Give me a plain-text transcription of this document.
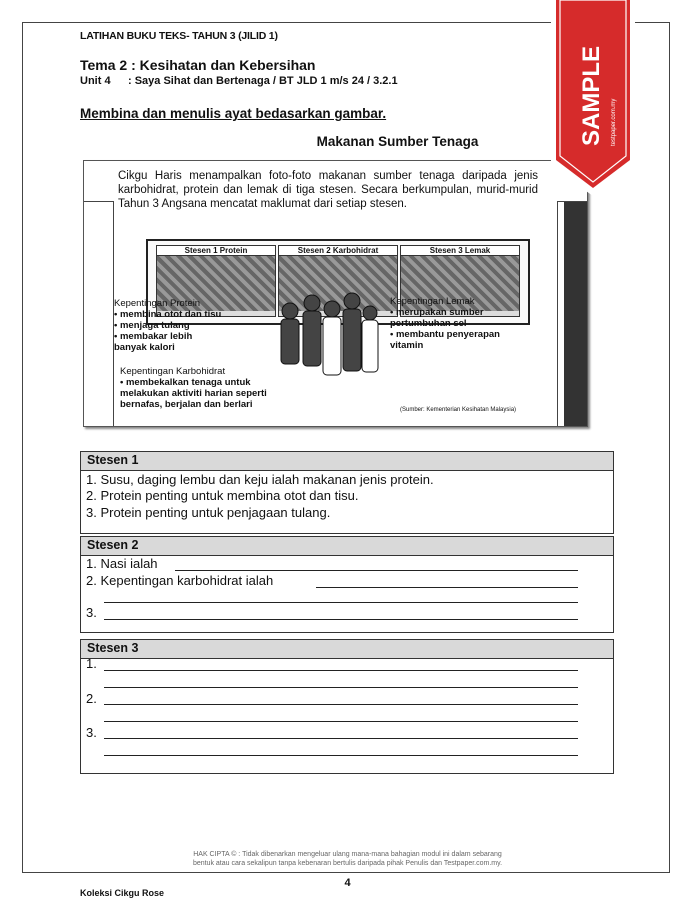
LATIHAN BUKU TEKS- TAHUN 3 (JILID 1)
Tema 2 : Kesihatan dan Kebersihan
Unit 4 : Saya Sihat dan Bertenaga / BT JLD 1 m/s 24 / 3.2.1
Membina dan menulis ayat bedasarkan gambar.
Makanan Sumber Tenaga
Cikgu Haris menampalkan foto-foto makanan sumber tenaga daripada jenis karbohidrat, protein dan lemak di tiga stesen. Secara berkumpulan, murid-murid Tahun 3 Angsana mencatat maklumat dari setiap stesen.
Stesen 1 Protein	Stesen 2 Karbohidrat	Stesen 3 Lemak
Kepentingan Protein
• membina otot dan tisu
• menjaga tulang
• membakar lebih
banyak kalori
Kepentingan Lemak
• merupakan sumber
pertumbuhan sel
• membantu penyerapan
vitamin
Kepentingan Karbohidrat
• membekalkan tenaga untuk
melakukan aktiviti harian seperti
bernafas, berjalan dan berlari	(Sumber: Kementerian Kesihatan Malaysia)
Stesen 1
1. Susu, daging lembu dan keju ialah makanan jenis protein.
2. Protein penting untuk membina otot dan tisu.
3. Protein penting untuk penjagaan tulang.
Stesen 2
1. Nasi ialah
2. Kepentingan karbohidrat ialah
3.
Stesen 3
1.
2.
3.
HAK CIPTA © : Tidak dibenarkan mengeluar ulang mana-mana bahagian modul ini dalam sebarang
bentuk atau cara sekalipun tanpa kebenaran bertulis daripada pihak Penulis dan Testpaper.com.my.
4
Koleksi Cikgu Rose
SAMPLE testpaper.com.my
